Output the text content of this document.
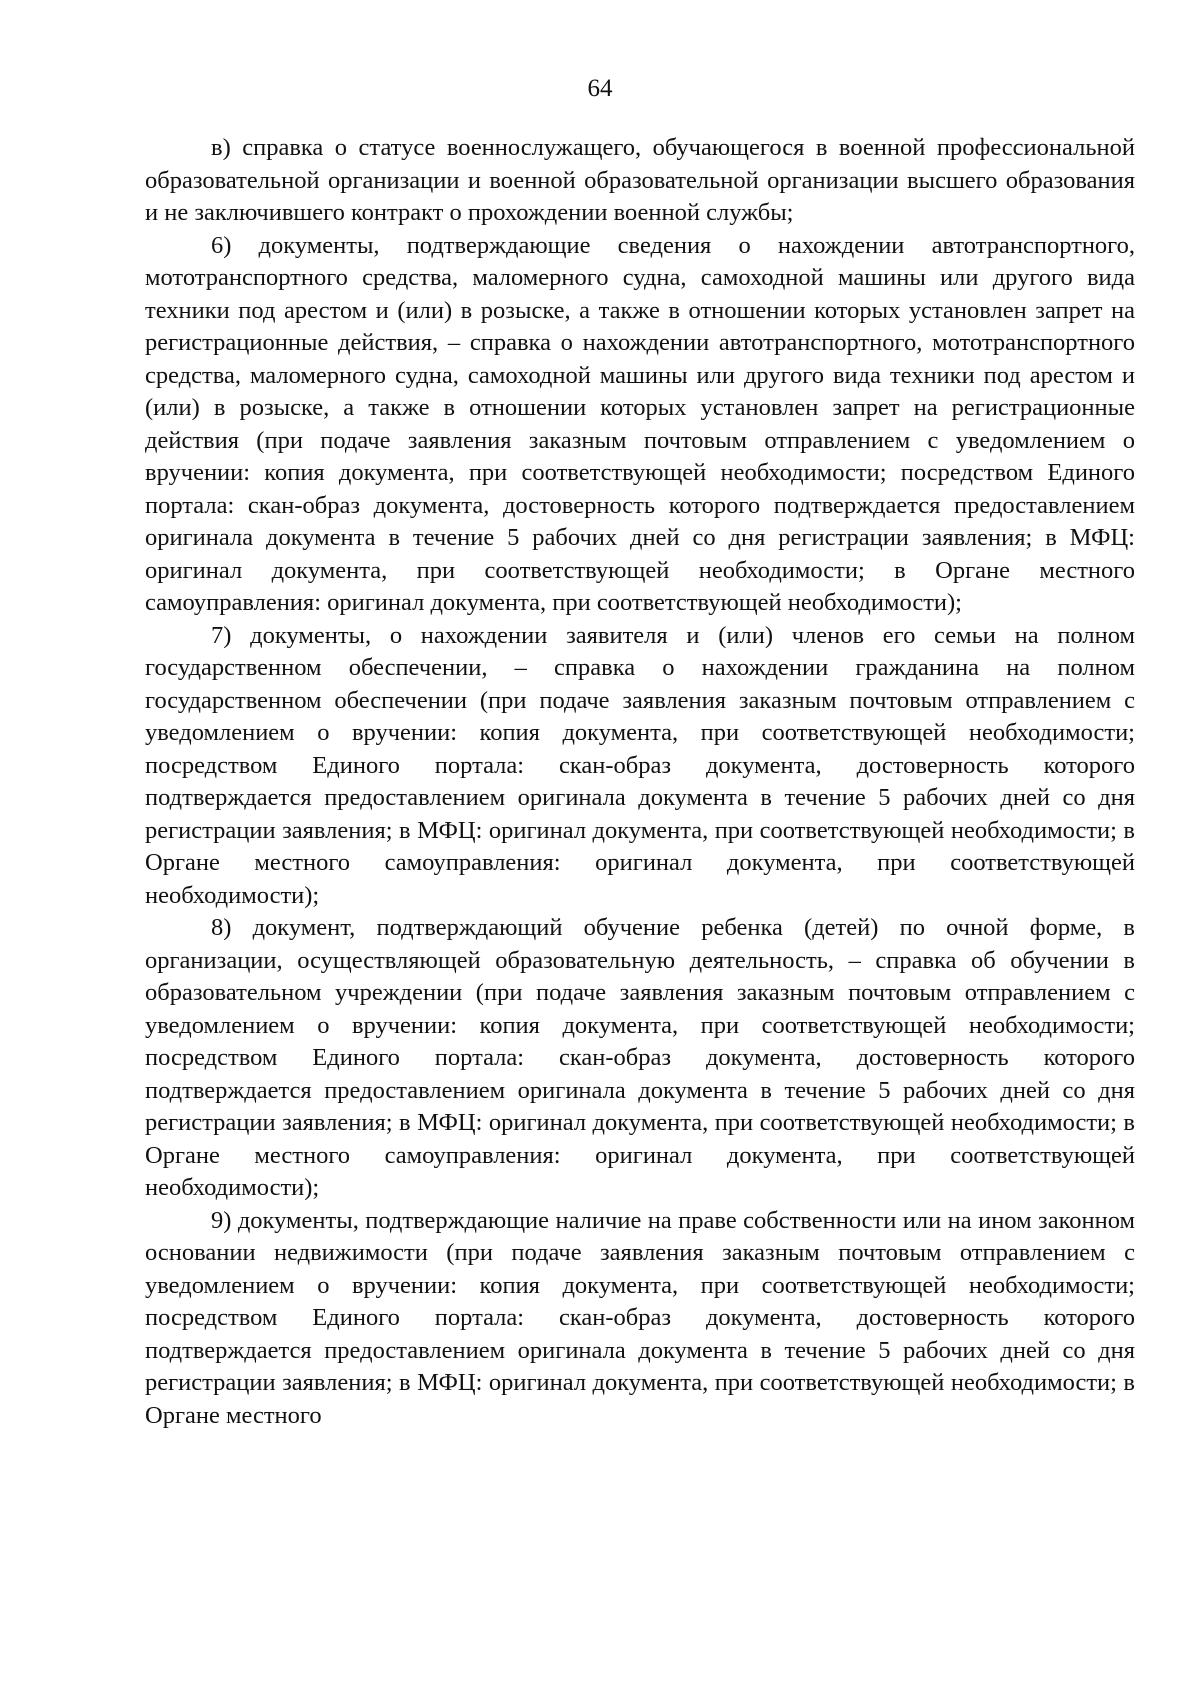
64

в) справка о статусе военнослужащего, обучающегося в военной профессиональной образовательной организации и военной образовательной организации высшего образования и не заключившего контракт о прохождении военной службы;

6) документы, подтверждающие сведения о нахождении автотранспортного, мототранспортного средства, маломерного судна, самоходной машины или другого вида техники под арестом и (или) в розыске, а также в отношении которых установлен запрет на регистрационные действия, – справка о нахождении автотранспортного, мототранспортного средства, маломерного судна, самоходной машины или другого вида техники под арестом и (или) в розыске, а также в отношении которых установлен запрет на регистрационные действия (при подаче заявления заказным почтовым отправлением с уведомлением о вручении: копия документа, при соответствующей необходимости; посредством Единого портала: скан-образ документа, достоверность которого подтверждается предоставлением оригинала документа в течение 5 рабочих дней со дня регистрации заявления; в МФЦ: оригинал документа, при соответствующей необходимости; в Органе местного самоуправления: оригинал документа, при соответствующей необходимости);

7) документы, о нахождении заявителя и (или) членов его семьи на полном государственном обеспечении, – справка о нахождении гражданина на полном государственном обеспечении (при подаче заявления заказным почтовым отправлением с уведомлением о вручении: копия документа, при соответствующей необходимости; посредством Единого портала: скан-образ документа, достоверность которого подтверждается предоставлением оригинала документа в течение 5 рабочих дней со дня регистрации заявления; в МФЦ: оригинал документа, при соответствующей необходимости; в Органе местного самоуправления: оригинал документа, при соответствующей необходимости);

8) документ, подтверждающий обучение ребенка (детей) по очной форме, в организации, осуществляющей образовательную деятельность, – справка об обучении в образовательном учреждении (при подаче заявления заказным почтовым отправлением с уведомлением о вручении: копия документа, при соответствующей необходимости; посредством Единого портала: скан-образ документа, достоверность которого подтверждается предоставлением оригинала документа в течение 5 рабочих дней со дня регистрации заявления; в МФЦ: оригинал документа, при соответствующей необходимости; в Органе местного самоуправления: оригинал документа, при соответствующей необходимости);

9) документы, подтверждающие наличие на праве собственности или на ином законном основании недвижимости (при подаче заявления заказным почтовым отправлением с уведомлением о вручении: копия документа, при соответствующей необходимости; посредством Единого портала: скан-образ документа, достоверность которого подтверждается предоставлением оригинала документа в течение 5 рабочих дней со дня регистрации заявления; в МФЦ: оригинал документа, при соответствующей необходимости; в Органе местного
